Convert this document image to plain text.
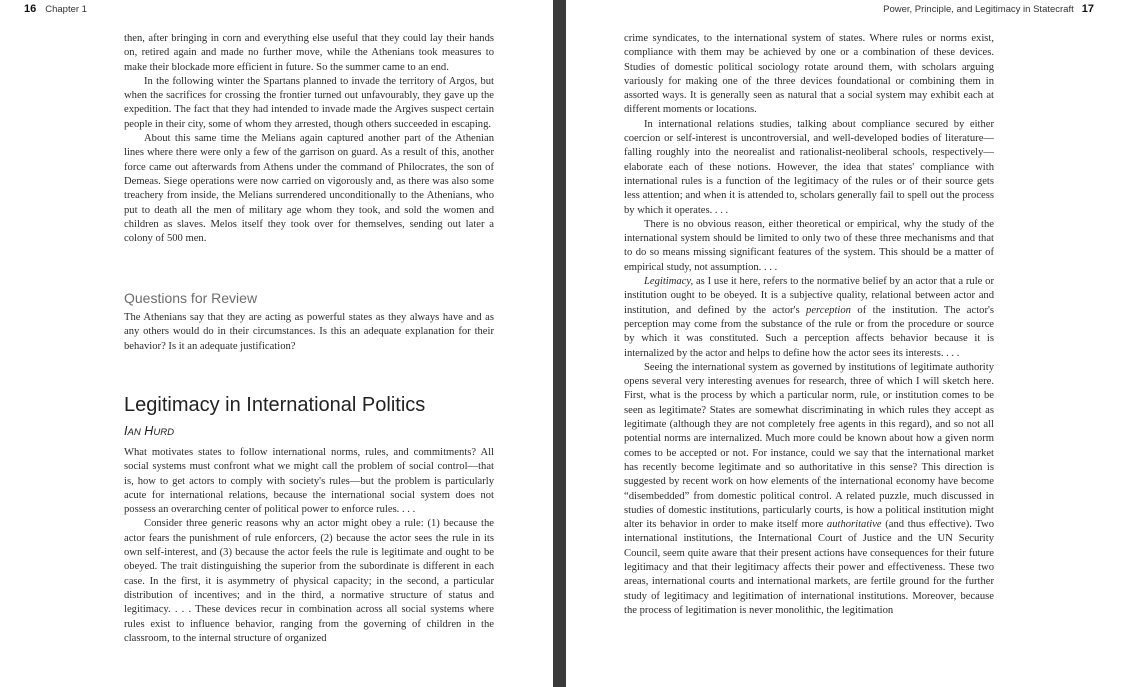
16 Chapter 1

then, after bringing in corn and everything else useful that they could lay their hands on, retired again and made no further move, while the Athenians took measures to make their blockade more efficient in future. So the summer came to an end.

In the following winter the Spartans planned to invade the territory of Argos, but when the sacrifices for crossing the frontier turned out unfavourably, they gave up the expedition. The fact that they had intended to invade made the Argives suspect certain people in their city, some of whom they arrested, though others succeeded in escaping.

About this same time the Melians again captured another part of the Athenian lines where there were only a few of the garrison on guard. As a result of this, another force came out afterwards from Athens under the command of Philocrates, the son of Demeas. Siege operations were now carried on vigorously and, as there was also some treachery from inside, the Melians surrendered unconditionally to the Athenians, who put to death all the men of military age whom they took, and sold the women and children as slaves. Melos itself they took over for themselves, sending out later a colony of 500 men.

Questions for Review

The Athenians say that they are acting as powerful states as they always have and as any others would do in their circumstances. Is this an adequate explanation for their behavior? Is it an adequate justification?

Legitimacy in International Politics
IAN HURD

What motivates states to follow international norms, rules, and commitments? All social systems must confront what we might call the problem of social control—that is, how to get actors to comply with society's rules—but the problem is particularly acute for international relations, because the international social system does not possess an overarching center of political power to enforce rules. . . .

Consider three generic reasons why an actor might obey a rule: (1) because the actor fears the punishment of rule enforcers, (2) because the actor sees the rule in its own self-interest, and (3) because the actor feels the rule is legitimate and ought to be obeyed. The trait distinguishing the superior from the subordinate is different in each case. In the first, it is asymmetry of physical capacity; in the second, a particular distribution of incentives; and in the third, a normative structure of status and legitimacy. . . . These devices recur in combination across all social systems where rules exist to influence behavior, ranging from the governing of children in the classroom, to the internal structure of organized

Power, Principle, and Legitimacy in Statecraft 17

crime syndicates, to the international system of states. Where rules or norms exist, compliance with them may be achieved by one or a combination of these devices. Studies of domestic political sociology rotate around them, with scholars arguing variously for making one of the three devices foundational or combining them in assorted ways. It is generally seen as natural that a social system may exhibit each at different moments or locations.

In international relations studies, talking about compliance secured by either coercion or self-interest is uncontroversial, and well-developed bodies of literature—falling roughly into the neorealist and rationalist-neoliberal schools, respectively—elaborate each of these notions. However, the idea that states' compliance with international rules is a function of the legitimacy of the rules or of their source gets less attention; and when it is attended to, scholars generally fail to spell out the process by which it operates. . . .

There is no obvious reason, either theoretical or empirical, why the study of the international system should be limited to only two of these three mechanisms and that to do so means missing significant features of the system. This should be a matter of empirical study, not assumption. . . .

Legitimacy, as I use it here, refers to the normative belief by an actor that a rule or institution ought to be obeyed. It is a subjective quality, relational between actor and institution, and defined by the actor's perception of the institution. The actor's perception may come from the substance of the rule or from the procedure or source by which it was constituted. Such a perception affects behavior because it is internalized by the actor and helps to define how the actor sees its interests. . . .

Seeing the international system as governed by institutions of legitimate authority opens several very interesting avenues for research, three of which I will sketch here. First, what is the process by which a particular norm, rule, or institution comes to be seen as legitimate? States are somewhat discriminating in which rules they accept as legitimate (although they are not completely free agents in this regard), and so not all potential norms are internalized. Much more could be known about how a given norm comes to be accepted or not. For instance, could we say that the international market has recently become legitimate and so authoritative in this sense? This direction is suggested by recent work on how elements of the international economy have become “disembedded” from domestic political control. A related puzzle, much discussed in studies of domestic institutions, particularly courts, is how a political institution might alter its behavior in order to make itself more authoritative (and thus effective). Two international institutions, the International Court of Justice and the UN Security Council, seem quite aware that their present actions have consequences for their future legitimacy and that their legitimacy affects their power and effectiveness. These two areas, international courts and international markets, are fertile ground for the further study of legitimacy and legitimation of international institutions. Moreover, because the process of legitimation is never monolithic, the legitimation
